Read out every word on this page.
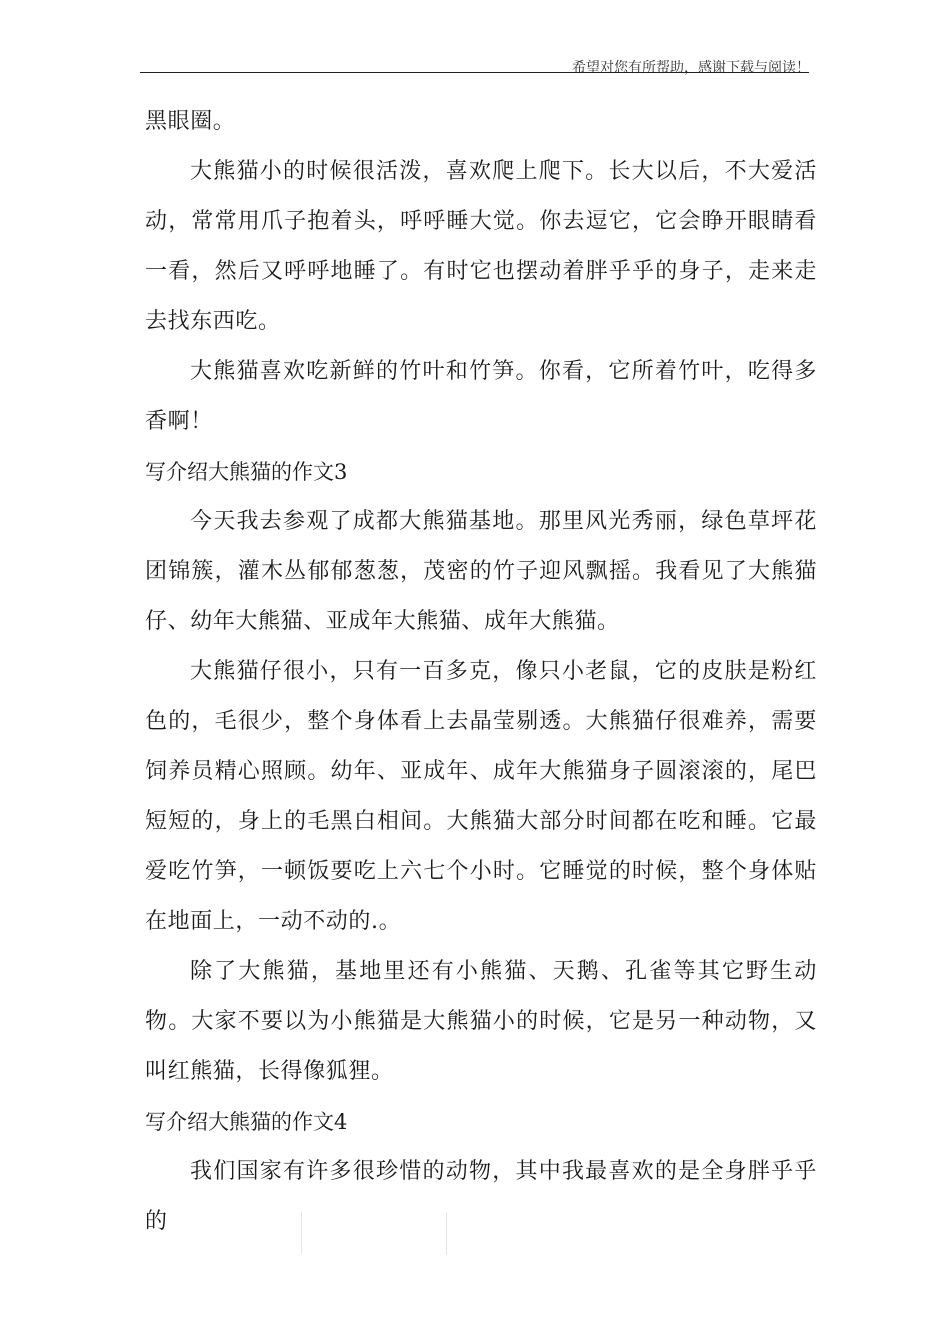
希望对您有所帮助，感谢下载与阅读！

黑眼圈。

大熊猫小的时候很活泼，喜欢爬上爬下。长大以后，不大爱活动，常常用爪子抱着头，呼呼睡大觉。你去逗它，它会睁开眼睛看一看，然后又呼呼地睡了。有时它也摆动着胖乎乎的身子，走来走去找东西吃。

大熊猫喜欢吃新鲜的竹叶和竹笋。你看，它所着竹叶，吃得多香啊！

写介绍大熊猫的作文3

今天我去参观了成都大熊猫基地。那里风光秀丽，绿色草坪花团锦簇，灌木丛郁郁葱葱，茂密的竹子迎风飘摇。我看见了大熊猫仔、幼年大熊猫、亚成年大熊猫、成年大熊猫。

大熊猫仔很小，只有一百多克，像只小老鼠，它的皮肤是粉红色的，毛很少，整个身体看上去晶莹剔透。大熊猫仔很难养，需要饲养员精心照顾。幼年、亚成年、成年大熊猫身子圆滚滚的，尾巴短短的，身上的毛黑白相间。大熊猫大部分时间都在吃和睡。它最爱吃竹笋，一顿饭要吃上六七个小时。它睡觉的时候，整个身体贴在地面上，一动不动的.。

除了大熊猫，基地里还有小熊猫、天鹅、孔雀等其它野生动物。大家不要以为小熊猫是大熊猫小的时候，它是另一种动物，又叫红熊猫，长得像狐狸。

写介绍大熊猫的作文4

我们国家有许多很珍惜的动物，其中我最喜欢的是全身胖乎乎的
